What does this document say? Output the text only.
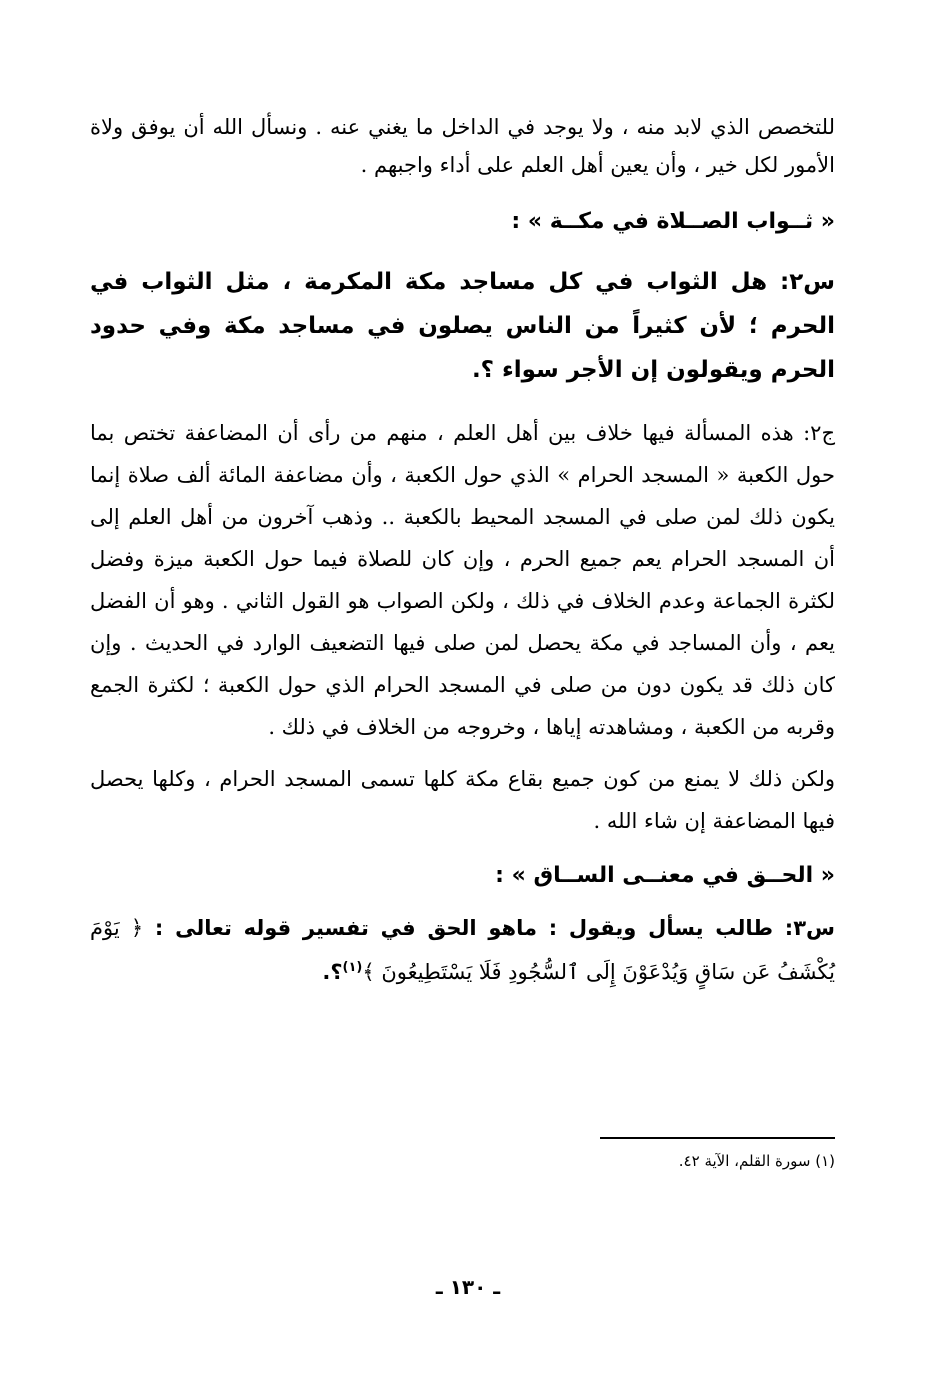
للتخصص الذي لابد منه ، ولا يوجد في الداخل ما يغني عنه . ونسأل الله أن يوفق ولاة الأمور لكل خير ، وأن يعين أهل العلم على أداء واجبهم .

« ثــواب الصــلاة في مكــة » :

س٢: هل الثواب في كل مساجد مكة المكرمة ، مثل الثواب في الحرم ؛ لأن كثيراً من الناس يصلون في مساجد مكة وفي حدود الحرم ويقولون إن الأجر سواء ؟.

ج٢: هذه المسألة فيها خلاف بين أهل العلم ، منهم من رأى أن المضاعفة تختص بما حول الكعبة « المسجد الحرام » الذي حول الكعبة ، وأن مضاعفة المائة ألف صلاة إنما يكون ذلك لمن صلى في المسجد المحيط بالكعبة .. وذهب آخرون من أهل العلم إلى أن المسجد الحرام يعم جميع الحرم ، وإن كان للصلاة فيما حول الكعبة ميزة وفضل لكثرة الجماعة وعدم الخلاف في ذلك ، ولكن الصواب هو القول الثاني . وهو أن الفضل يعم ، وأن المساجد في مكة يحصل لمن صلى فيها التضعيف الوارد في الحديث . وإن كان ذلك قد يكون دون من صلى في المسجد الحرام الذي حول الكعبة ؛ لكثرة الجمع وقربه من الكعبة ، ومشاهدته إياها ، وخروجه من الخلاف في ذلك .

ولكن ذلك لا يمنع من كون جميع بقاع مكة كلها تسمى المسجد الحرام ، وكلها يحصل فيها المضاعفة إن شاء الله .

« الحــق في معنــى الســاق » :

س٣: طالب يسأل ويقول : ماهو الحق في تفسير قوله تعالى : ﴿ يَوْمَ يُكْشَفُ عَن سَاقٍ وَيُدْعَوْنَ إِلَى ٱلسُّجُودِ فَلَا يَسْتَطِيعُونَ ﴾$^{(١)}$؟.

(١) سورة القلم، الآية ٤٢.
ـ ١٣٠ ـ
